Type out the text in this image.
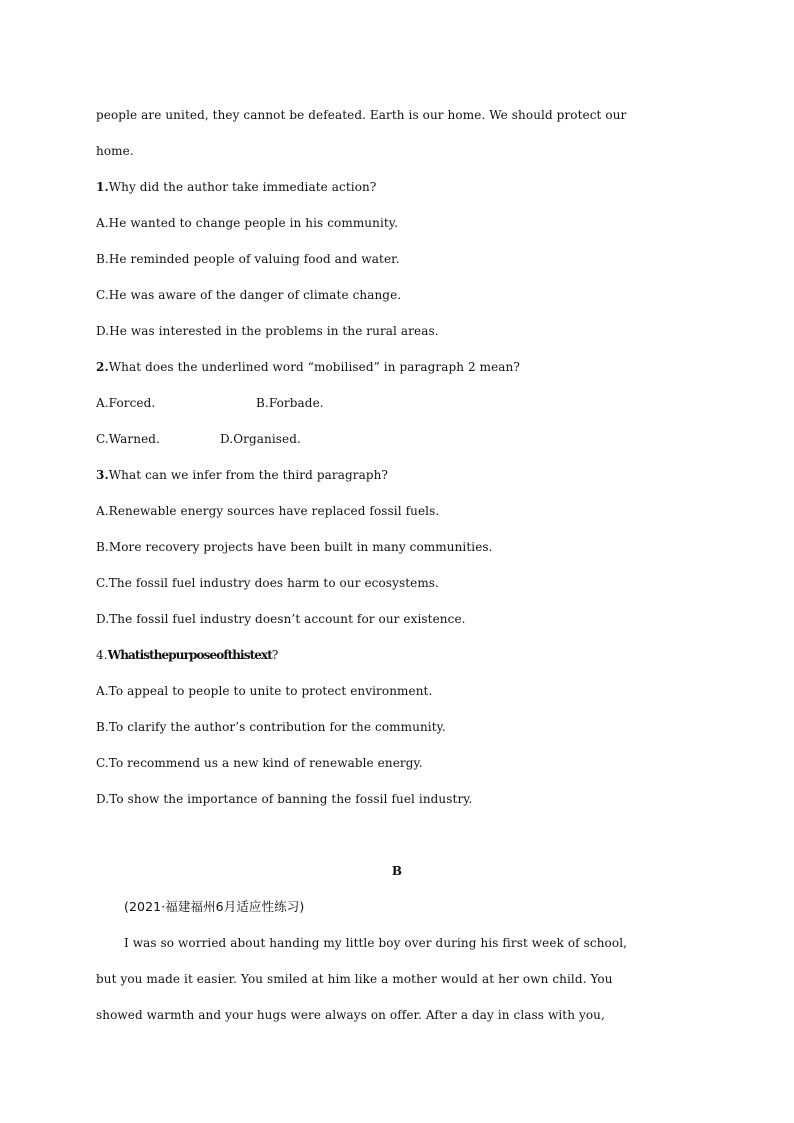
people are united, they cannot be defeated. Earth is our home. We should protect our
home.
1.Why did the author take immediate action?
A.He wanted to change people in his community.
B.He reminded people of valuing food and water.
C.He was aware of the danger of climate change.
D.He was interested in the problems in the rural areas.
2.What does the underlined word “mobilised” in paragraph 2 mean?
A.Forced.	B.Forbade.
C.Warned.	D.Organised.
3.What can we infer from the third paragraph?
A.Renewable energy sources have replaced fossil fuels.
B.More recovery projects have been built in many communities.
C.The fossil fuel industry does harm to our ecosystems.
D.The fossil fuel industry doesn’t account for our existence.
4.Whatisthepurposeofthistext?
A.To appeal to people to unite to protect environment.
B.To clarify the author’s contribution for the community.
C.To recommend us a new kind of renewable energy.
D.To show the importance of banning the fossil fuel industry.
B
(2021·福建福州6月适应性练习)
I was so worried about handing my little boy over during his first week of school,
but you made it easier. You smiled at him like a mother would at her own child. You
showed warmth and your hugs were always on offer. After a day in class with you,
